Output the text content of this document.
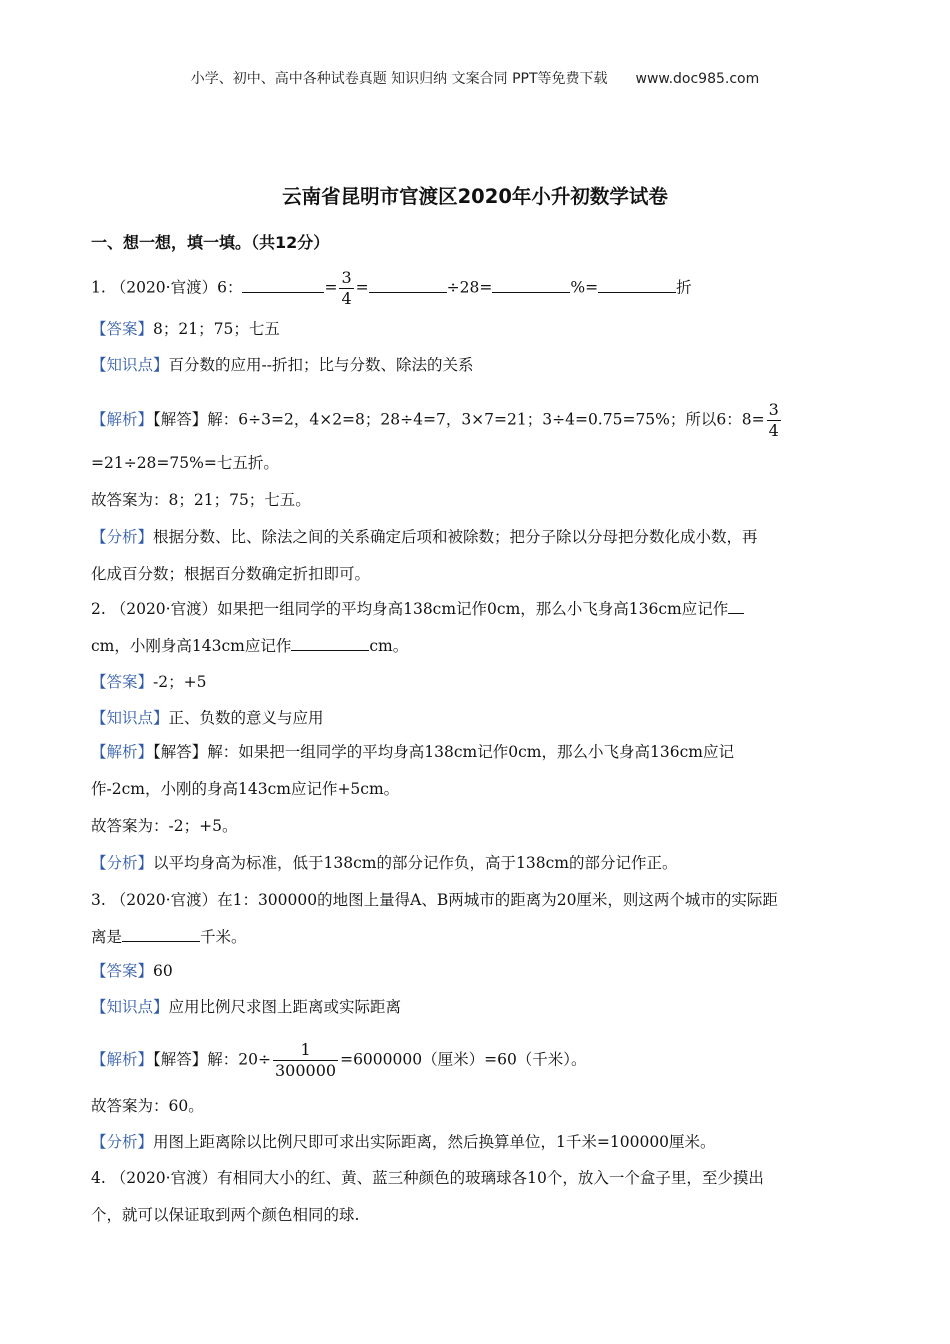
小学、初中、高中各种试卷真题 知识归纳 文案合同 PPT等免费下载 www.doc985.com
云南省昆明市官渡区2020年小升初数学试卷
一、想一想，填一填。（共12分）
1. （2020·官渡）6：	= $\frac{3}{4}$ =	÷28=	%=	折
【答案】8；21；75；七五
【知识点】百分数的应用--折扣；比与分数、除法的关系
【解析】【解答】解：6÷3=2，4×2=8；28÷4=7，3×7=21；3÷4=0.75=75%；所以6：$8= \frac{3}{4}$
=21÷28=75%=七五折。
故答案为：8；21；75；七五。
【分析】根据分数、比、除法之间的关系确定后项和被除数；把分子除以分母把分数化成小数，再
化成百分数；根据百分数确定折扣即可。
2. （2020·官渡）如果把一组同学的平均身高138cm记作0cm，那么小飞身高136cm应记作
cm，小刚身高143cm应记作	cm。
【答案】-2；+5
【知识点】正、负数的意义与应用
【解析】【解答】解：如果把一组同学的平均身高138cm记作0cm，那么小飞身高136cm应记
作-2cm，小刚的身高143cm应记作+5cm。
故答案为：-2；+5。
【分析】以平均身高为标准，低于138cm的部分记作负，高于138cm的部分记作正。
3. （2020·官渡）在1：300000的地图上量得A、B两城市的距离为20厘米，则这两个城市的实际距
离是	千米。
【答案】60
【知识点】应用比例尺求图上距离或实际距离
【解析】【解答】解：$20\div \frac{1}{300000} =6000000$（厘米）=60（千米）。
故答案为：60。
【分析】用图上距离除以比例尺即可求出实际距离，然后换算单位，1千米=100000厘米。
4. （2020·官渡）有相同大小的红、黄、蓝三种颜色的玻璃球各10个，放入一个盒子里，至少摸出
个，就可以保证取到两个颜色相同的球.
